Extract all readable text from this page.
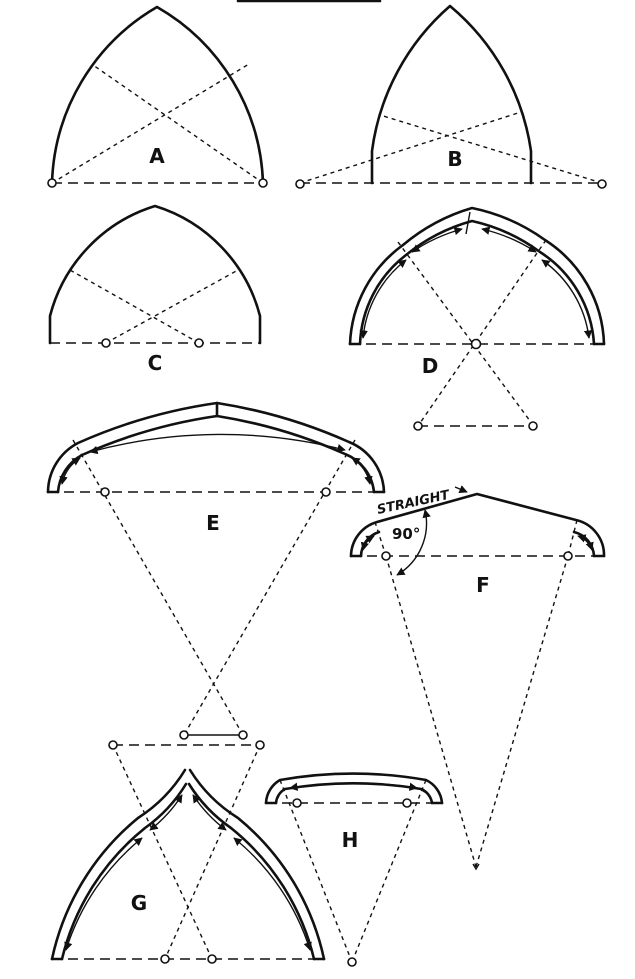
A	B
C	D
E
STRAIGHT
90°
F
G
H
